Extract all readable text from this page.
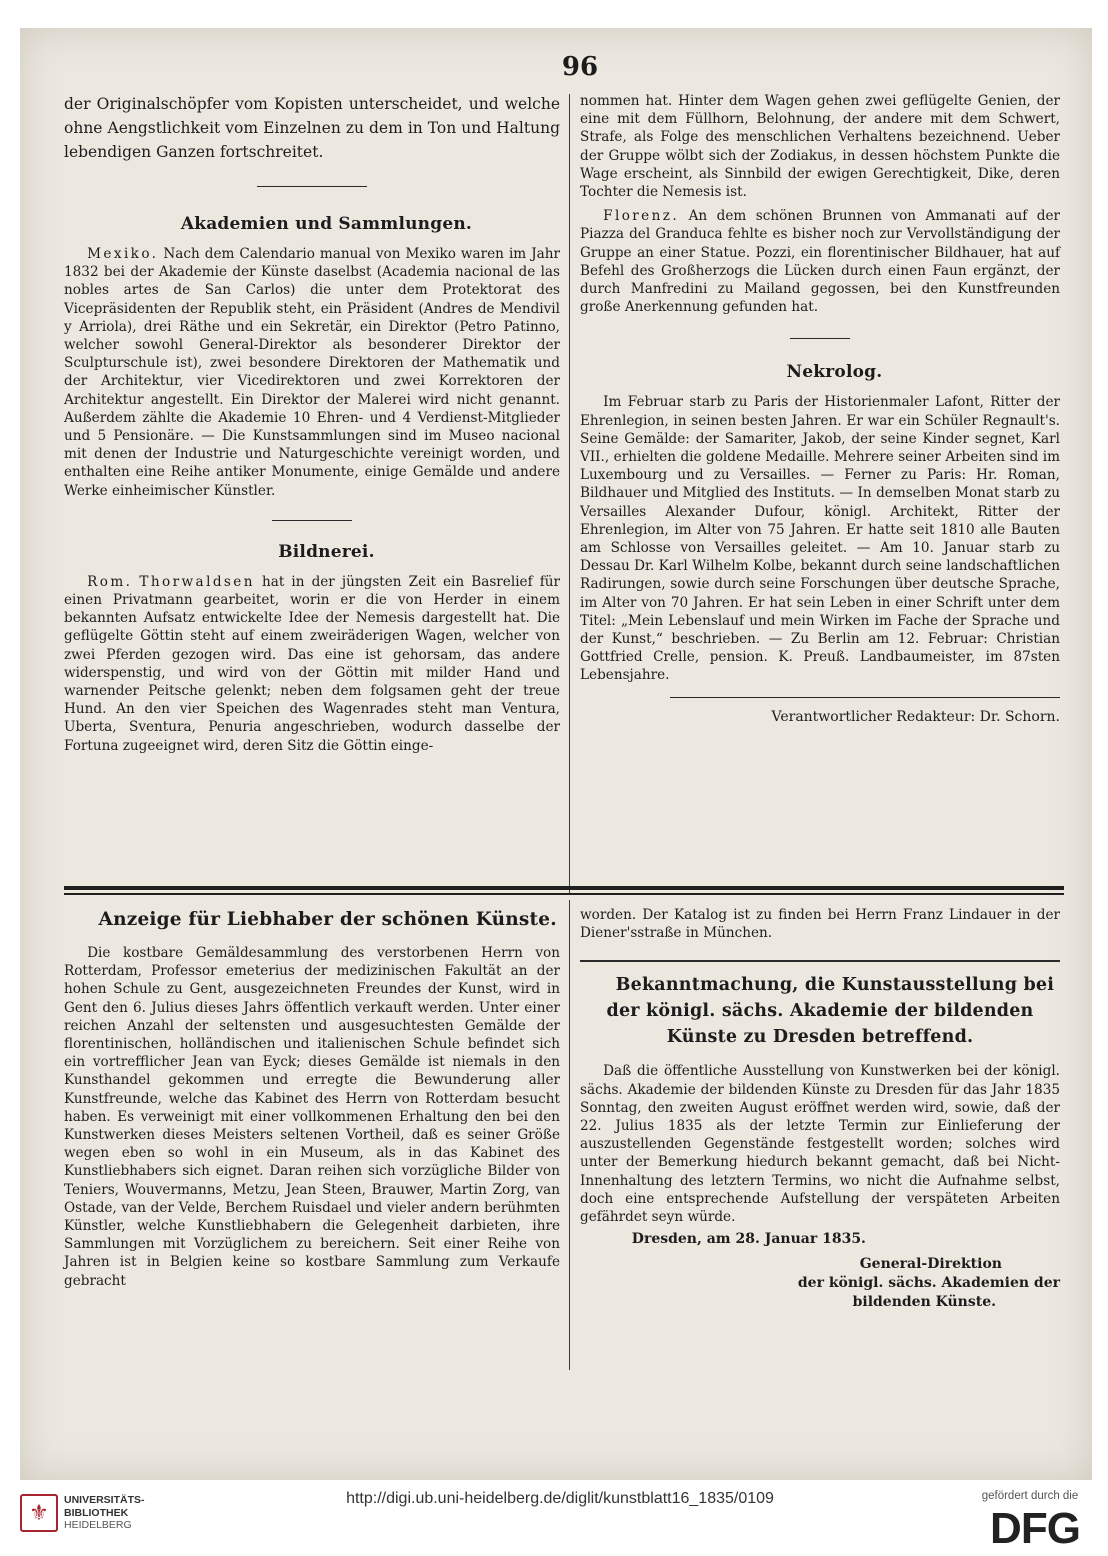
96

der Originalschöpfer vom Kopisten unterscheidet, und welche ohne Aengstlichkeit vom Einzelnen zu dem in Ton und Haltung lebendigen Ganzen fortschreitet.

Akademien und Sammlungen.

Mexiko. Nach dem Calendario manual von Mexiko waren im Jahr 1832 bei der Akademie der Künste daselbst (Academia nacional de las nobles artes de San Carlos) die unter dem Protektorat des Vicepräsidenten der Republik steht, ein Präsident (Andres de Mendivil y Arriola), drei Räthe und ein Sekretär, ein Direktor (Petro Patinno, welcher sowohl General-Direktor als besonderer Direktor der Sculpturschule ist), zwei besondere Direktoren der Mathematik und der Architektur, vier Vicedirektoren und zwei Korrektoren der Architektur angestellt. Ein Direktor der Malerei wird nicht genannt. Außerdem zählte die Akademie 10 Ehren- und 4 Verdienst-Mitglieder und 5 Pensionäre. — Die Kunstsammlungen sind im Museo nacional mit denen der Industrie und Naturgeschichte vereinigt worden, und enthalten eine Reihe antiker Monumente, einige Gemälde und andere Werke einheimischer Künstler.

Bildnerei.

Rom. Thorwaldsen hat in der jüngsten Zeit ein Basrelief für einen Privatmann gearbeitet, worin er die von Herder in einem bekannten Aufsatz entwickelte Idee der Nemesis dargestellt hat. Die geflügelte Göttin steht auf einem zweiräderigen Wagen, welcher von zwei Pferden gezogen wird. Das eine ist gehorsam, das andere widerspenstig, und wird von der Göttin mit milder Hand und warnender Peitsche gelenkt; neben dem folgsamen geht der treue Hund. An den vier Speichen des Wagenrades steht man Ventura, Uberta, Sventura, Penuria angeschrieben, wodurch dasselbe der Fortuna zugeeignet wird, deren Sitz die Göttin einge-

nommen hat. Hinter dem Wagen gehen zwei geflügelte Genien, der eine mit dem Füllhorn, Belohnung, der andere mit dem Schwert, Strafe, als Folge des menschlichen Verhaltens bezeichnend. Ueber der Gruppe wölbt sich der Zodiakus, in dessen höchstem Punkte die Wage erscheint, als Sinnbild der ewigen Gerechtigkeit, Dike, deren Tochter die Nemesis ist.

Florenz. An dem schönen Brunnen von Ammanati auf der Piazza del Granduca fehlte es bisher noch zur Vervollständigung der Gruppe an einer Statue. Pozzi, ein florentinischer Bildhauer, hat auf Befehl des Großherzogs die Lücken durch einen Faun ergänzt, der durch Manfredini zu Mailand gegossen, bei den Kunstfreunden große Anerkennung gefunden hat.

Nekrolog.

Im Februar starb zu Paris der Historienmaler Lafont, Ritter der Ehrenlegion, in seinen besten Jahren. Er war ein Schüler Regnault's. Seine Gemälde: der Samariter, Jakob, der seine Kinder segnet, Karl VII., erhielten die goldene Medaille. Mehrere seiner Arbeiten sind im Luxembourg und zu Versailles. — Ferner zu Paris: Hr. Roman, Bildhauer und Mitglied des Instituts. — In demselben Monat starb zu Versailles Alexander Dufour, königl. Architekt, Ritter der Ehrenlegion, im Alter von 75 Jahren. Er hatte seit 1810 alle Bauten am Schlosse von Versailles geleitet. — Am 10. Januar starb zu Dessau Dr. Karl Wilhelm Kolbe, bekannt durch seine landschaftlichen Radirungen, sowie durch seine Forschungen über deutsche Sprache, im Alter von 70 Jahren. Er hat sein Leben in einer Schrift unter dem Titel: „Mein Lebenslauf und mein Wirken im Fache der Sprache und der Kunst,“ beschrieben. — Zu Berlin am 12. Februar: Christian Gottfried Crelle, pension. K. Preuß. Landbaumeister, im 87sten Lebensjahre.

Verantwortlicher Redakteur: Dr. Schorn.

Anzeige für Liebhaber der schönen Künste.

Die kostbare Gemäldesammlung des verstorbenen Herrn von Rotterdam, Professor emeterius der medizinischen Fakultät an der hohen Schule zu Gent, ausgezeichneten Freundes der Kunst, wird in Gent den 6. Julius dieses Jahrs öffentlich verkauft werden. Unter einer reichen Anzahl der seltensten und ausgesuchtesten Gemälde der florentinischen, holländischen und italienischen Schule befindet sich ein vortrefflicher Jean van Eyck; dieses Gemälde ist niemals in den Kunsthandel gekommen und erregte die Bewunderung aller Kunstfreunde, welche das Kabinet des Herrn von Rotterdam besucht haben. Es verweinigt mit einer vollkommenen Erhaltung den bei den Kunstwerken dieses Meisters seltenen Vortheil, daß es seiner Größe wegen eben so wohl in ein Museum, als in das Kabinet des Kunstliebhabers sich eignet. Daran reihen sich vorzügliche Bilder von Teniers, Wouvermanns, Metzu, Jean Steen, Brauwer, Martin Zorg, van Ostade, van der Velde, Berchem Ruisdael und vieler andern berühmten Künstler, welche Kunstliebhabern die Gelegenheit darbieten, ihre Sammlungen mit Vorzüglichem zu bereichern. Seit einer Reihe von Jahren ist in Belgien keine so kostbare Sammlung zum Verkaufe gebracht

worden. Der Katalog ist zu finden bei Herrn Franz Lindauer in der Diener'sstraße in München.

Bekanntmachung, die Kunstausstellung bei der königl. sächs. Akademie der bildenden Künste zu Dresden betreffend.

Daß die öffentliche Ausstellung von Kunstwerken bei der königl. sächs. Akademie der bildenden Künste zu Dresden für das Jahr 1835 Sonntag, den zweiten August eröffnet werden wird, sowie, daß der 22. Julius 1835 als der letzte Termin zur Einlieferung der auszustellenden Gegenstände festgestellt worden; solches wird unter der Bemerkung hiedurch bekannt gemacht, daß bei Nicht-Innenhaltung des letztern Termins, wo nicht die Aufnahme selbst, doch eine entsprechende Aufstellung der verspäteten Arbeiten gefährdet seyn würde.

Dresden, am 28. Januar 1835.

General-Direktion

der königl. sächs. Akademien der

bildenden Künste.

⚜
UNIVERSITÄTS-
BIBLIOTHEK
HEIDELBERG
http://digi.ub.uni-heidelberg.de/diglit/kunstblatt16_1835/0109	gefördert durch die
DFG
